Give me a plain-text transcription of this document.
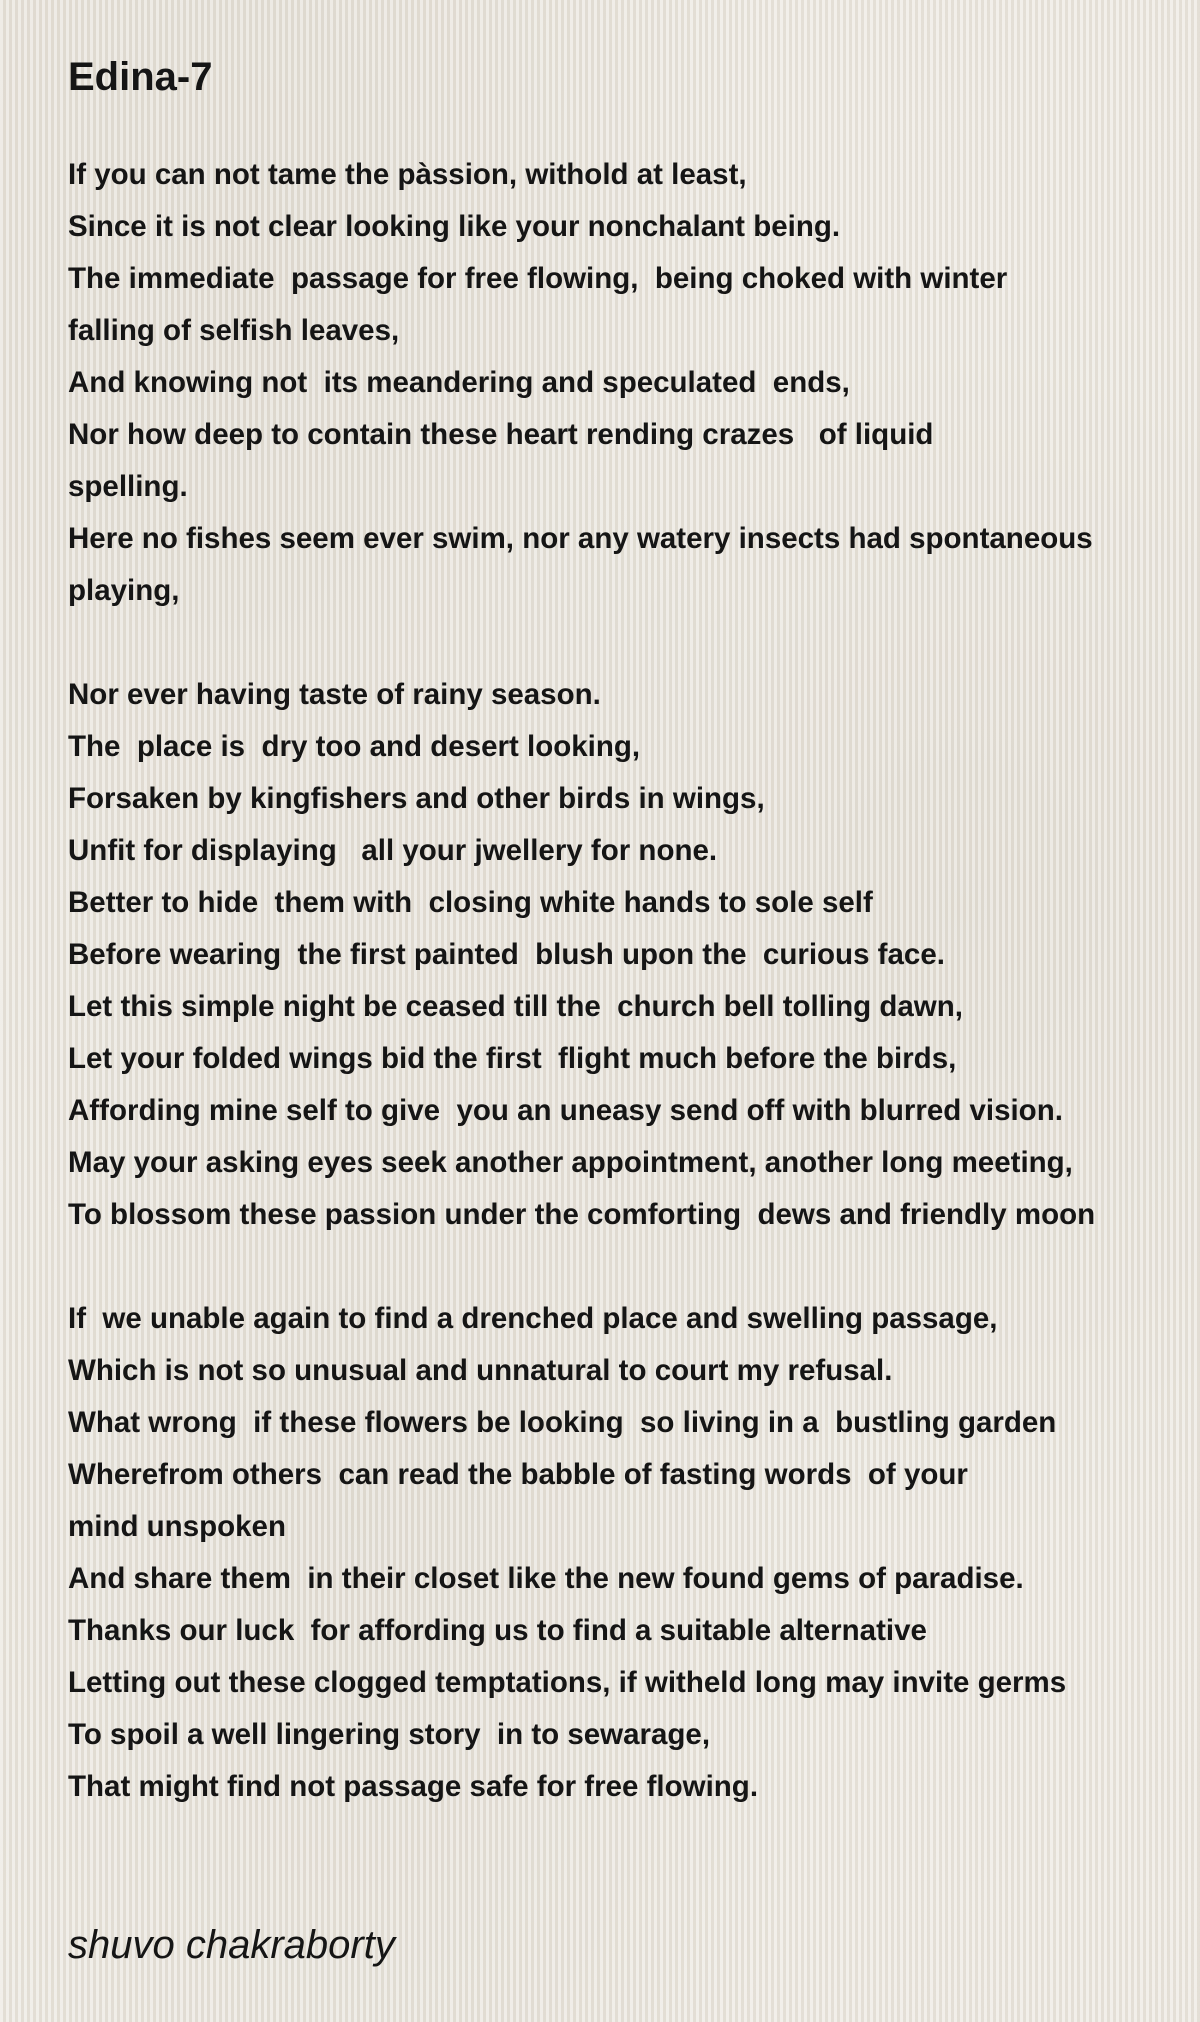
Edina-7
If you can not tame the pàssion, withold at least,
Since it is not clear looking like your nonchalant being.
The immediate  passage for free flowing,  being choked with winter
falling of selfish leaves,
And knowing not  its meandering and speculated  ends,
Nor how deep to contain these heart rending crazes   of liquid
spelling.
Here no fishes seem ever swim, nor any watery insects had spontaneous
playing,
Nor ever having taste of rainy season.
The  place is  dry too and desert looking,
Forsaken by kingfishers and other birds in wings,
Unfit for displaying   all your jwellery for none.
Better to hide  them with  closing white hands to sole self
Before wearing  the first painted  blush upon the  curious face.
Let this simple night be ceased till the  church bell tolling dawn,
Let your folded wings bid the first  flight much before the birds,
Affording mine self to give  you an uneasy send off with blurred vision.
May your asking eyes seek another appointment, another long meeting,
To blossom these passion under the comforting  dews and friendly moon
If  we unable again to find a drenched place and swelling passage,
Which is not so unusual and unnatural to court my refusal.
What wrong  if these flowers be looking  so living in a  bustling garden
Wherefrom others  can read the babble of fasting words  of your
mind unspoken
And share them  in their closet like the new found gems of paradise.
Thanks our luck  for affording us to find a suitable alternative
Letting out these clogged temptations, if witheld long may invite germs
To spoil a well lingering story  in to sewarage,
That might find not passage safe for free flowing.
shuvo chakraborty
